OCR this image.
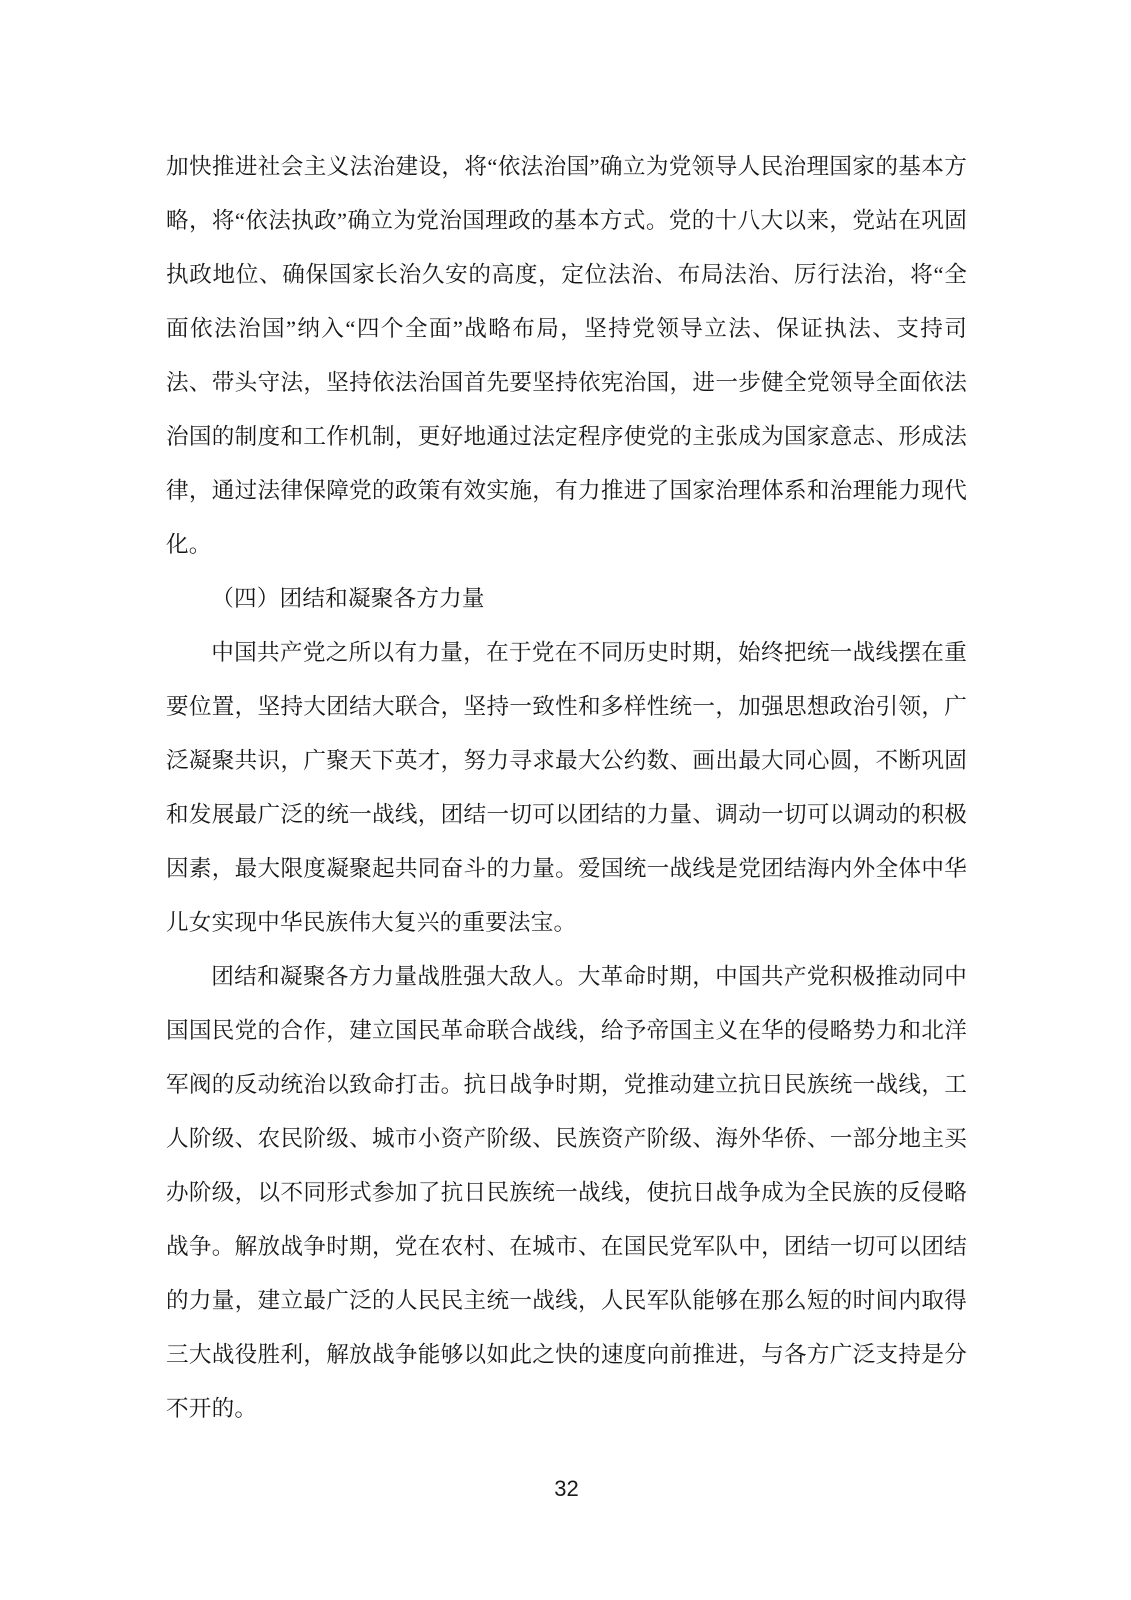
加快推进社会主义法治建设，将“依法治国”确立为党领导人民治理国家的基本方略，将“依法执政”确立为党治国理政的基本方式。党的十八大以来，党站在巩固执政地位、确保国家长治久安的高度，定位法治、布局法治、厉行法治，将“全面依法治国”纳入“四个全面”战略布局，坚持党领导立法、保证执法、支持司法、带头守法，坚持依法治国首先要坚持依宪治国，进一步健全党领导全面依法治国的制度和工作机制，更好地通过法定程序使党的主张成为国家意志、形成法律，通过法律保障党的政策有效实施，有力推进了国家治理体系和治理能力现代化。

（四）团结和凝聚各方力量

中国共产党之所以有力量，在于党在不同历史时期，始终把统一战线摆在重要位置，坚持大团结大联合，坚持一致性和多样性统一，加强思想政治引领，广泛凝聚共识，广聚天下英才，努力寻求最大公约数、画出最大同心圆，不断巩固和发展最广泛的统一战线，团结一切可以团结的力量、调动一切可以调动的积极因素，最大限度凝聚起共同奋斗的力量。爱国统一战线是党团结海内外全体中华儿女实现中华民族伟大复兴的重要法宝。

团结和凝聚各方力量战胜强大敌人。大革命时期，中国共产党积极推动同中国国民党的合作，建立国民革命联合战线，给予帝国主义在华的侵略势力和北洋军阀的反动统治以致命打击。抗日战争时期，党推动建立抗日民族统一战线，工人阶级、农民阶级、城市小资产阶级、民族资产阶级、海外华侨、一部分地主买办阶级，以不同形式参加了抗日民族统一战线，使抗日战争成为全民族的反侵略战争。解放战争时期，党在农村、在城市、在国民党军队中，团结一切可以团结的力量，建立最广泛的人民民主统一战线，人民军队能够在那么短的时间内取得三大战役胜利，解放战争能够以如此之快的速度向前推进，与各方广泛支持是分不开的。

32
